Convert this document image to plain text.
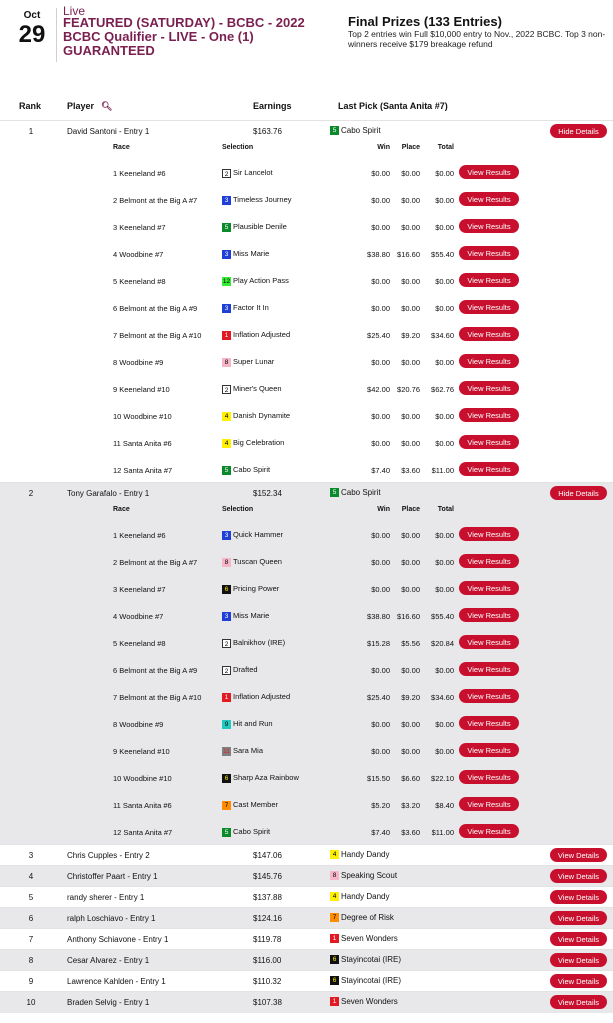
Oct
29
Live
FEATURED (SATURDAY) - BCBC - 2022 BCBC Qualifier - LIVE - One (1) GUARANTEED
Final Prizes (133 Entries)
Top 2 entries win Full $10,000 entry to Nov., 2022 BCBC. Top 3 non-winners receive $179 breakage refund
Rank	Player 🔍︎	Earnings	Last Pick (Santa Anita #7)
1	David Santoni - Entry 1	$163.76	5 Cabo Spirit	Hide Details
Race	Selection	Win	Place	Total
1 Keeneland #6	2 Sir Lancelot	$0.00	$0.00	$0.00	View Results
2 Belmont at the Big A #7	3 Timeless Journey	$0.00	$0.00	$0.00	View Results
3 Keeneland #7	5 Plausible Denile	$0.00	$0.00	$0.00	View Results
4 Woodbine #7	3 Miss Marie	$38.80 $16.60	$55.40	View Results
5 Keeneland #8	12 Play Action Pass	$0.00	$0.00	$0.00	View Results
6 Belmont at the Big A #9	3 Factor It In	$0.00	$0.00	$0.00	View Results
7 Belmont at the Big A #10	1 Inflation Adjusted	$25.40	$9.20	$34.60	View Results
8 Woodbine #9	8 Super Lunar	$0.00	$0.00	$0.00	View Results
9 Keeneland #10	2 Miner's Queen	$42.00 $20.76	$62.76	View Results
10 Woodbine #10	4 Danish Dynamite	$0.00	$0.00	$0.00	View Results
11 Santa Anita #6	4 Big Celebration	$0.00	$0.00	$0.00	View Results
12 Santa Anita #7	5 Cabo Spirit	$7.40	$3.60	$11.00	View Results
2	Tony Garafalo - Entry 1	$152.34	5 Cabo Spirit	Hide Details
Race	Selection	Win	Place	Total
1 Keeneland #6	3 Quick Hammer	$0.00	$0.00	$0.00	View Results
2 Belmont at the Big A #7	8 Tuscan Queen	$0.00	$0.00	$0.00	View Results
3 Keeneland #7	6 Pricing Power	$0.00	$0.00	$0.00	View Results
4 Woodbine #7	3 Miss Marie	$38.80 $16.60	$55.40	View Results
5 Keeneland #8	2 Balnikhov (IRE)	$15.28	$5.56	$20.84	View Results
6 Belmont at the Big A #9	2 Drafted	$0.00	$0.00	$0.00	View Results
7 Belmont at the Big A #10	1 Inflation Adjusted	$25.40	$9.20	$34.60	View Results
8 Woodbine #9	9 Hit and Run	$0.00	$0.00	$0.00	View Results
9 Keeneland #10	11 Sara Mia	$0.00	$0.00	$0.00	View Results
10 Woodbine #10	6 Sharp Aza Rainbow	$15.50	$6.60	$22.10	View Results
11 Santa Anita #6	7 Cast Member	$5.20	$3.20	$8.40	View Results
12 Santa Anita #7	5 Cabo Spirit	$7.40	$3.60	$11.00	View Results
3	Chris Cupples - Entry 2	$147.06	4 Handy Dandy	View Details
4	Christoffer Paart - Entry 1	$145.76	8 Speaking Scout	View Details
5	randy sherer - Entry 1	$137.88	4 Handy Dandy	View Details
6	ralph Loschiavo - Entry 1	$124.16	7 Degree of Risk	View Details
7	Anthony Schiavone - Entry 1	$119.78	1 Seven Wonders	View Details
8	Cesar Alvarez - Entry 1	$116.00	6 Stayincotai (IRE)	View Details
9	Lawrence Kahlden - Entry 1	$110.32	6 Stayincotai (IRE)	View Details
10	Braden Selvig - Entry 1	$107.38	1 Seven Wonders	View Details
